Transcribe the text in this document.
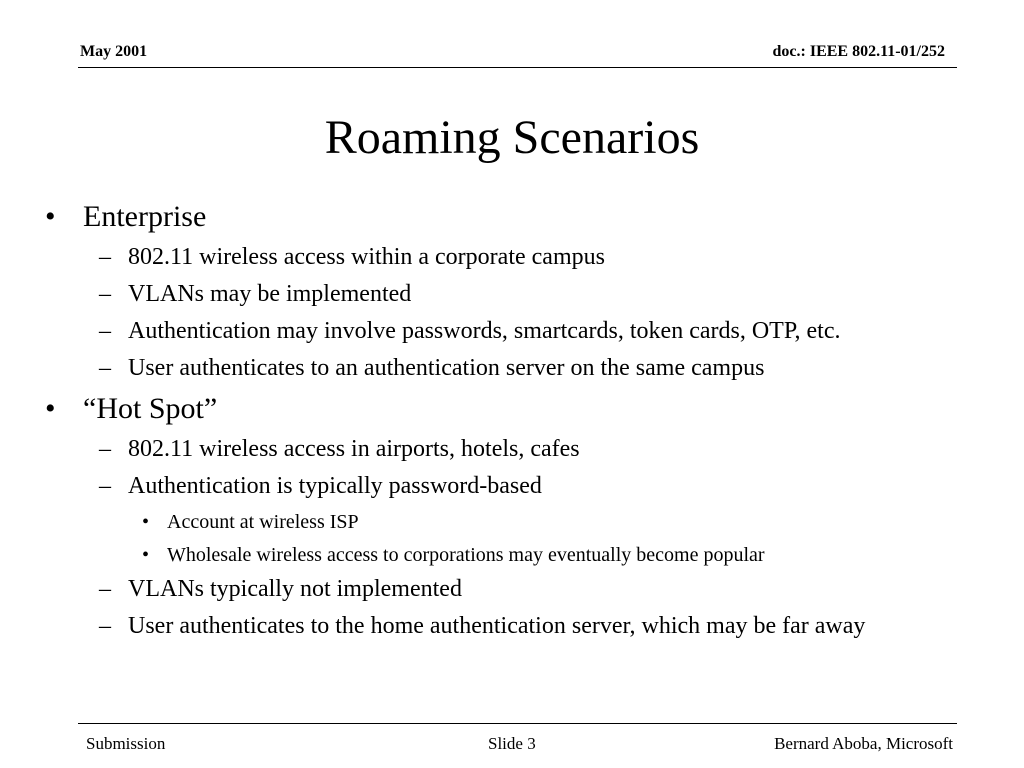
May 2001	doc.: IEEE 802.11-01/252
Roaming Scenarios
• Enterprise
– 802.11 wireless access within a corporate campus
– VLANs may be implemented
– Authentication may involve passwords, smartcards, token cards, OTP, etc.
– User authenticates to an authentication server on the same campus
• “Hot Spot”
– 802.11 wireless access in airports, hotels, cafes
– Authentication is typically password-based
• Account at wireless ISP
• Wholesale wireless access to corporations may eventually become popular
– VLANs typically not implemented
– User authenticates to the home authentication server, which may be far away
Submission	Slide 3	Bernard Aboba, Microsoft
